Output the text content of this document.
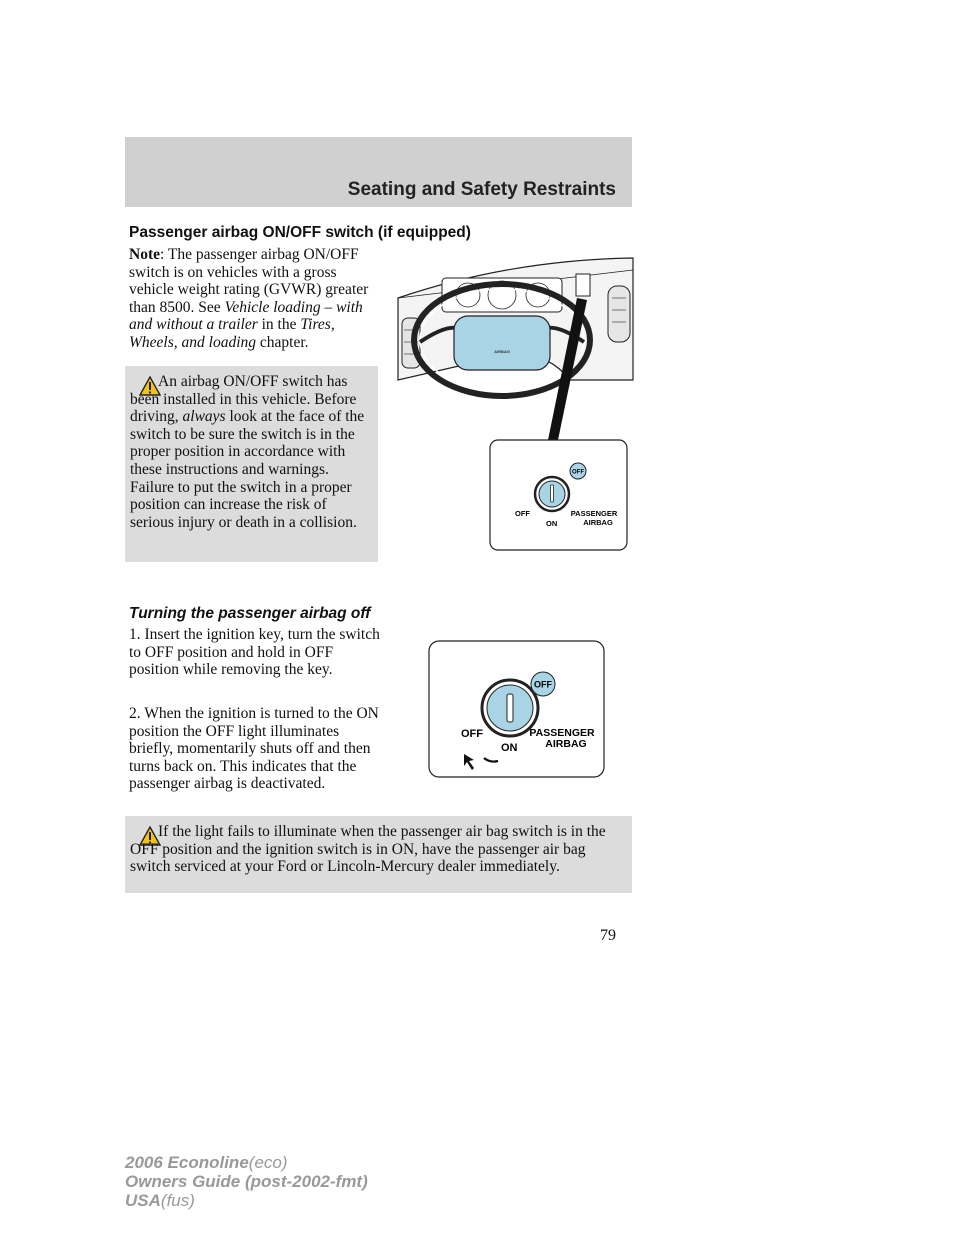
Seating and Safety Restraints
Passenger airbag ON/OFF switch (if equipped)
Note: The passenger airbag ON/OFF switch is on vehicles with a gross vehicle weight rating (GVWR) greater than 8500. See Vehicle loading – with and without a trailer in the Tires, Wheels, and loading chapter.
An airbag ON/OFF switch has been installed in this vehicle. Before driving, always look at the face of the switch to be sure the switch is in the proper position in accordance with these instructions and warnings. Failure to put the switch in a proper position can increase the risk of serious injury or death in a collision.
AIRBAG
OFF
OFF
ON
PASSENGER
AIRBAG
Turning the passenger airbag off
1. Insert the ignition key, turn the switch to OFF position and hold in OFF position while removing the key.
2. When the ignition is turned to the ON position the OFF light illuminates briefly, momentarily shuts off and then turns back on. This indicates that the passenger airbag is deactivated.
OFF
OFF
ON
PASSENGER
AIRBAG
If the light fails to illuminate when the passenger air bag switch is in the OFF position and the ignition switch is in ON, have the passenger air bag switch serviced at your Ford or Lincoln-Mercury dealer immediately.
79
2006 Econoline(eco)
Owners Guide (post-2002-fmt)
USA(fus)
